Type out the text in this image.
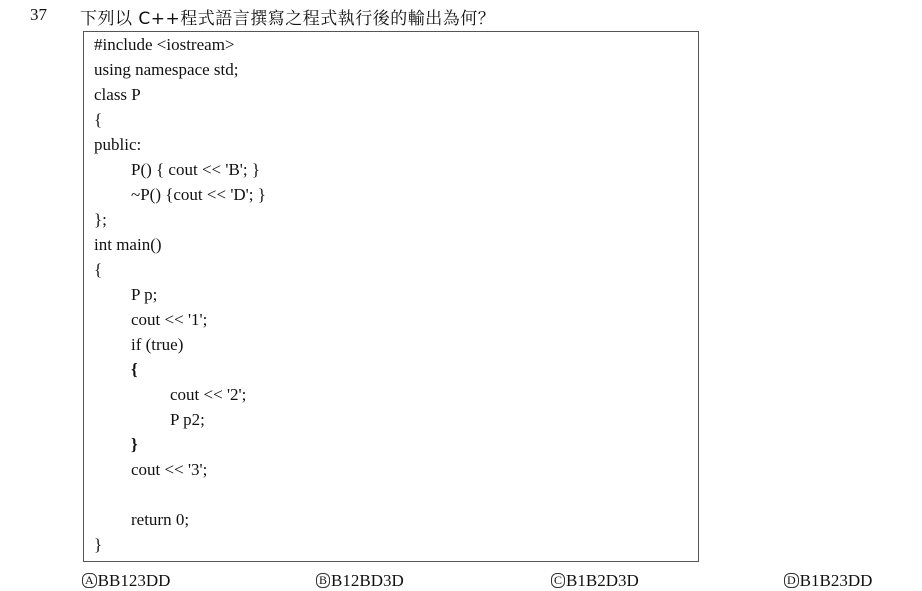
37 下列以 C++程式語言撰寫之程式執行後的輸出為何？
#include <iostream>
using namespace std;
class P
{
public:
P() { cout << 'B'; }
~P() {cout << 'D'; }
};
int main()
{
P p;
cout << '1';
if (true)
{
cout << '2';
P p2;
}
cout << '3';
return 0;
}
A BB123DD	B B12BD3D	C B1B2D3D	D B1B23DD
